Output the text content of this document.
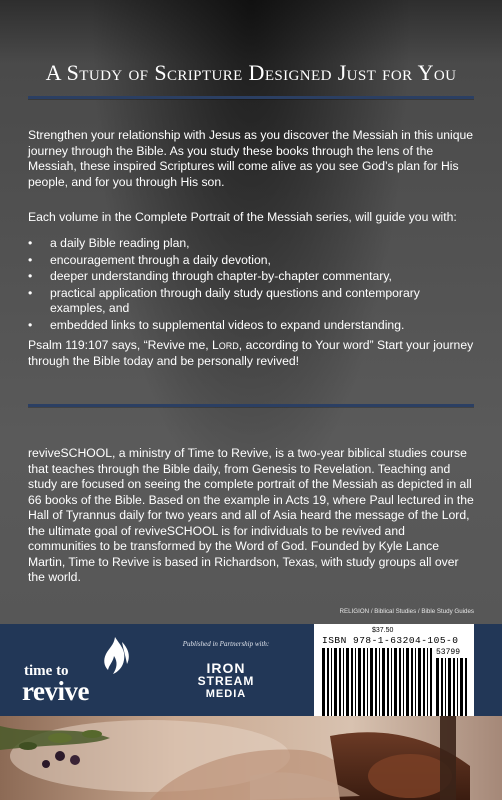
A Study of Scripture Designed Just for You

Strengthen your relationship with Jesus as you discover the Messiah in this unique journey through the Bible. As you study these books through the lens of the Messiah, these inspired Scriptures will come alive as you see God’s plan for His people, and for you through His son.

Each volume in the Complete Portrait of the Messiah series, will guide you with:

• a daily Bible reading plan,
• encouragement through a daily devotion,
• deeper understanding through chapter-by-chapter commentary,
• practical application through daily study questions and contemporary examples, and
• embedded links to supplemental videos to expand understanding.

Psalm 119:107 says, “Revive me, Lord, according to Your word” Start your journey through the Bible today and be personally revived!

reviveSCHOOL, a ministry of Time to Revive, is a two-year biblical studies course that teaches through the Bible daily, from Genesis to Revelation. Teaching and study are focused on seeing the complete portrait of the Messiah as depicted in all 66 books of the Bible. Based on the example in Acts 19, where Paul lectured in the Hall of Tyrannus daily for two years and all of Asia heard the message of the Lord, the ultimate goal of reviveSCHOOL is for individuals to be revived and communities to be transformed by the Word of God. Founded by Kyle Lance Martin, Time to Revive is based in Richardson, Texas, with study groups all over the world.

RELIGION / Biblical Studies / Bible Study Guides
time to
revive
Published in Partnership with:
IRON
STREAM
MEDIA
$37.50
ISBN 978-1-63204-105-0
53799
